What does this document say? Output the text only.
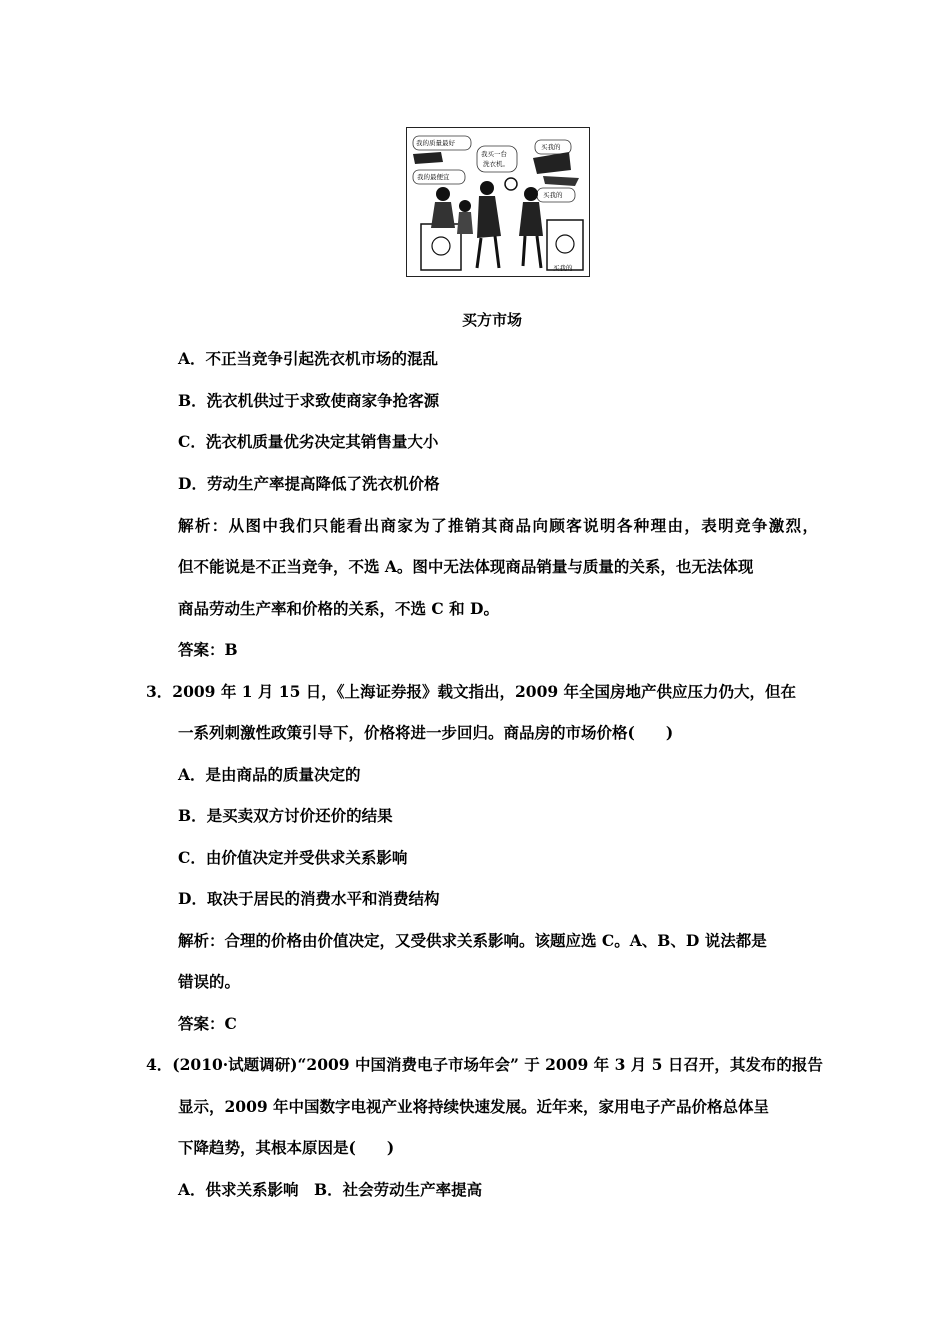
我的质量最好
我的最便宜
我买一台
洗衣机。
买我的
买我的
买我的
买方市场
A．不正当竞争引起洗衣机市场的混乱
B．洗衣机供过于求致使商家争抢客源
C．洗衣机质量优劣决定其销售量大小
D．劳动生产率提高降低了洗衣机价格
解析：从图中我们只能看出商家为了推销其商品向顾客说明各种理由，表明竞争激烈，
但不能说是不正当竞争，不选 A。图中无法体现商品销量与质量的关系，也无法体现
商品劳动生产率和价格的关系，不选 C 和 D。
答案：B
3．2009 年 1 月 15 日，《上海证券报》载文指出，2009 年全国房地产供应压力仍大，但在
一系列刺激性政策引导下，价格将进一步回归。商品房的市场价格(　　)
A．是由商品的质量决定的
B．是买卖双方讨价还价的结果
C．由价值决定并受供求关系影响
D．取决于居民的消费水平和消费结构
解析：合理的价格由价值决定，又受供求关系影响。该题应选 C。A、B、D 说法都是
错误的。
答案：C
4．(2010·试题调研)“2009 中国消费电子市场年会” 于 2009 年 3 月 5 日召开，其发布的报告
显示，2009 年中国数字电视产业将持续快速发展。近年来，家用电子产品价格总体呈
下降趋势，其根本原因是(　　)
A．供求关系影响　B．社会劳动生产率提高
